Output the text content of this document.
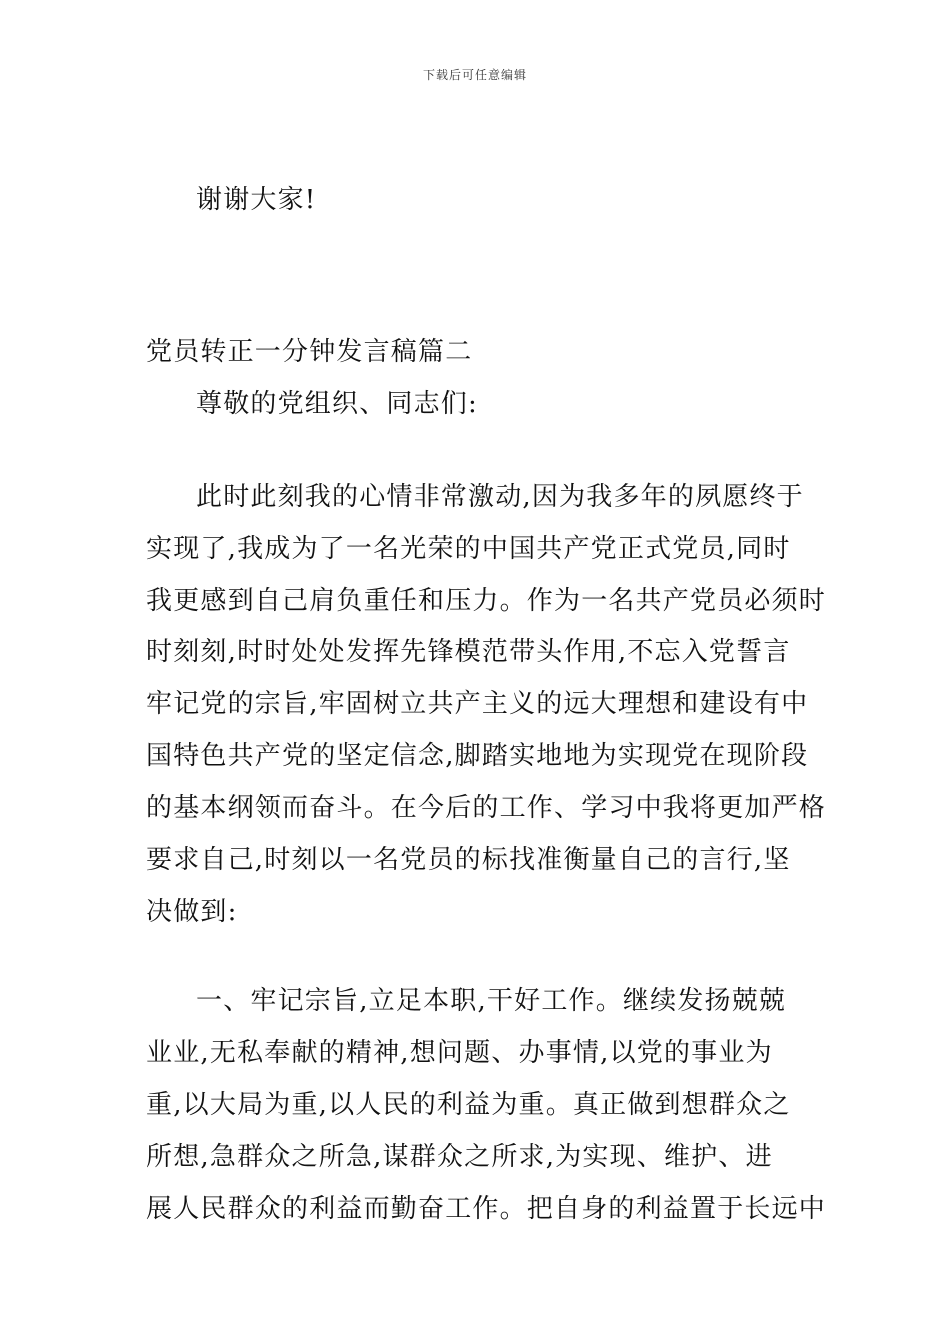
下载后可任意编辑
谢谢大家!
党员转正一分钟发言稿篇二
尊敬的党组织、同志们:
此时此刻我的心情非常激动,因为我多年的夙愿终于
实现了,我成为了一名光荣的中国共产党正式党员,同时
我更感到自己肩负重任和压力。作为一名共产党员必须时
时刻刻,时时处处发挥先锋模范带头作用,不忘入党誓言
牢记党的宗旨,牢固树立共产主义的远大理想和建设有中
国特色共产党的坚定信念,脚踏实地地为实现党在现阶段
的基本纲领而奋斗。在今后的工作、学习中我将更加严格
要求自己,时刻以一名党员的标找准衡量自己的言行,坚
决做到:
一、牢记宗旨,立足本职,干好工作。继续发扬兢兢
业业,无私奉献的精神,想问题、办事情,以党的事业为
重,以大局为重,以人民的利益为重。真正做到想群众之
所想,急群众之所急,谋群众之所求,为实现、维护、进
展人民群众的利益而勤奋工作。把自身的利益置于长远中
